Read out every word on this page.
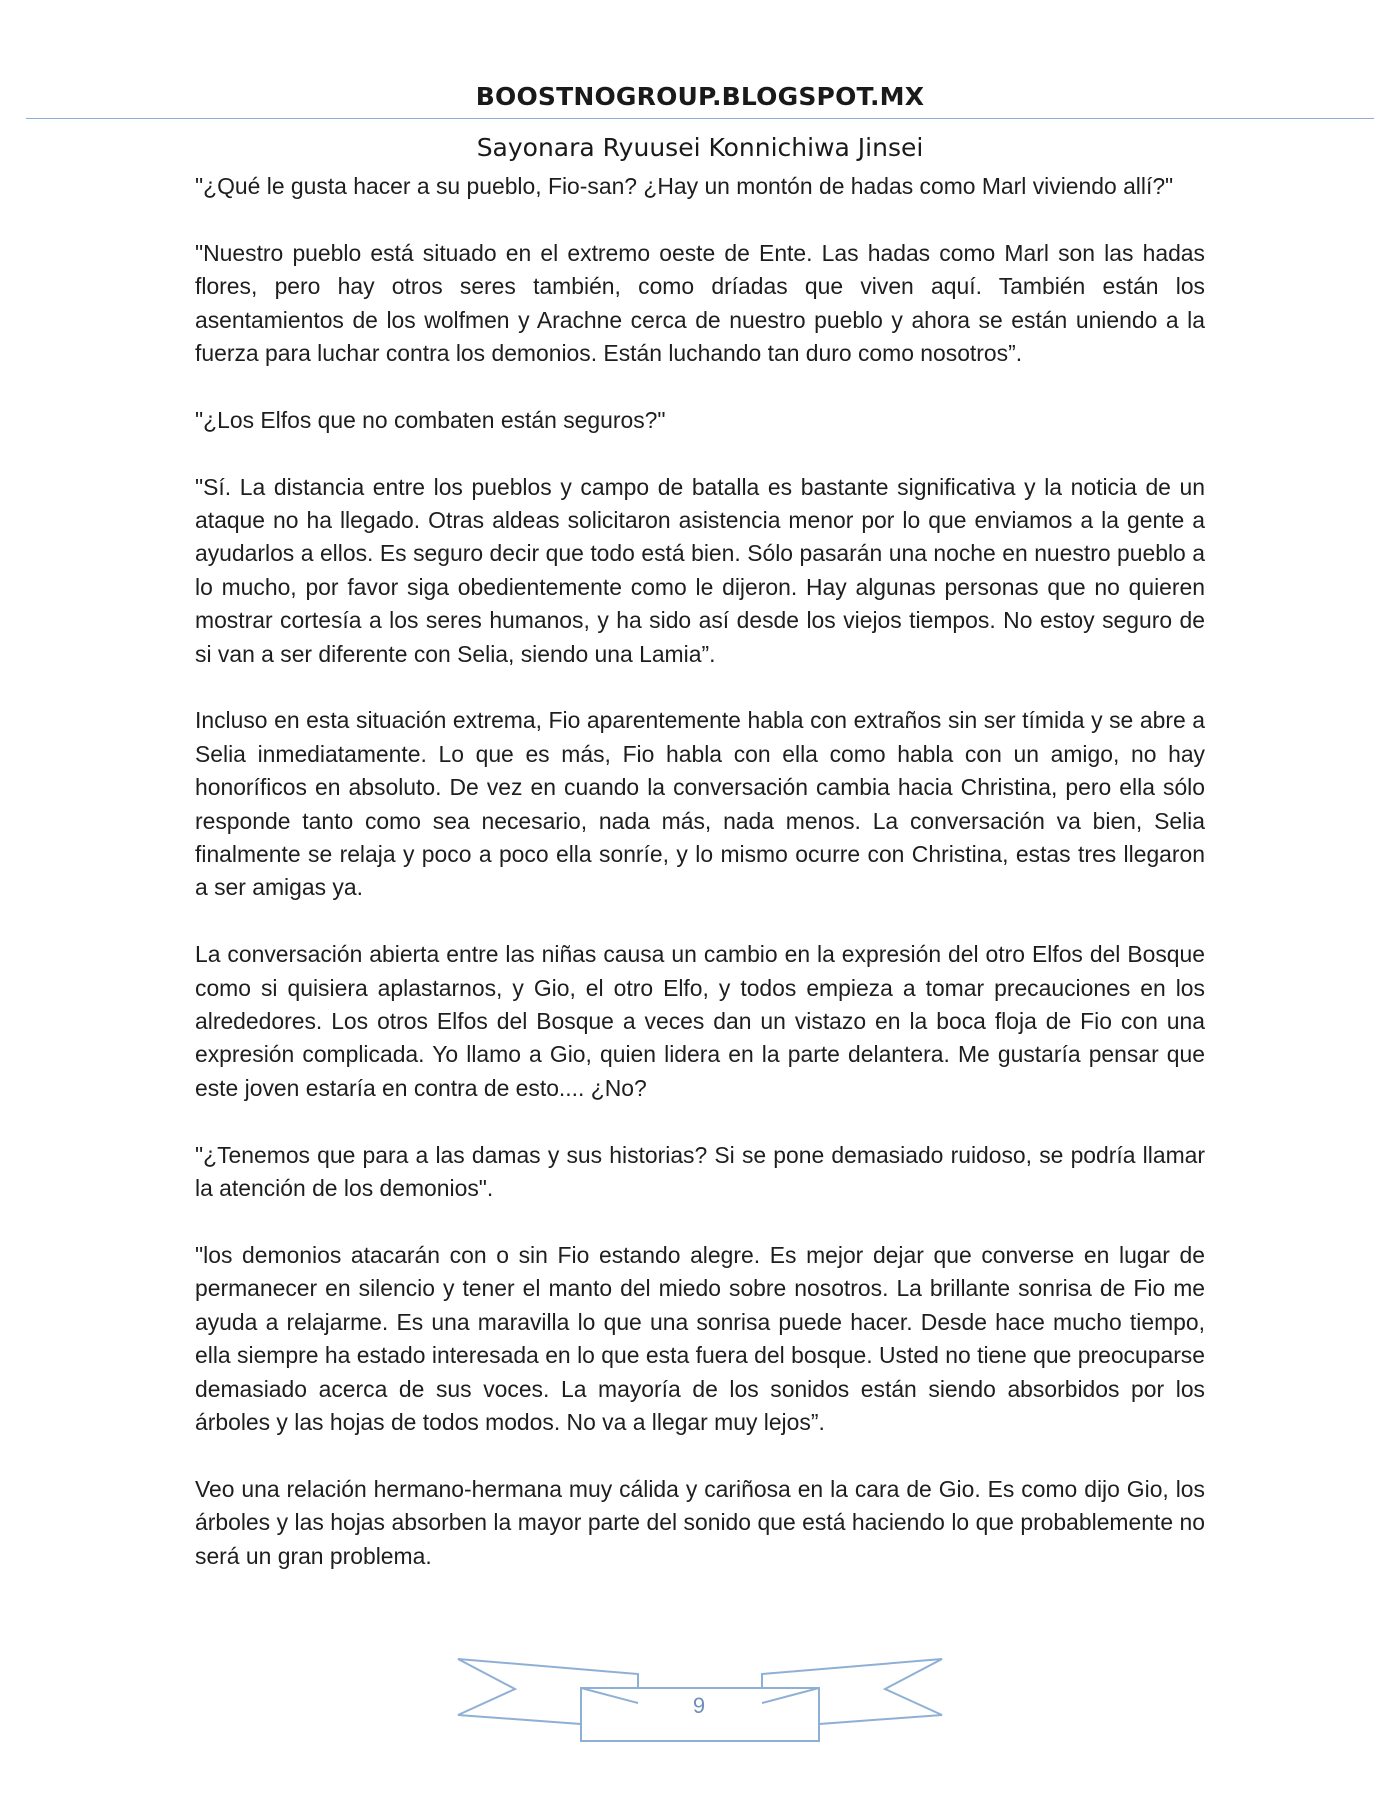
BOOSTNOGROUP.BLOGSPOT.MX
Sayonara Ryuusei Konnichiwa Jinsei

"¿Qué le gusta hacer a su pueblo, Fio-san? ¿Hay un montón de hadas como Marl viviendo allí?"

"Nuestro pueblo está situado en el extremo oeste de Ente. Las hadas como Marl son las hadas flores, pero hay otros seres también, como dríadas que viven aquí. También están los asentamientos de los wolfmen y Arachne cerca de nuestro pueblo y ahora se están uniendo a la fuerza para luchar contra los demonios. Están luchando tan duro como nosotros”.

"¿Los Elfos que no combaten están seguros?"

"Sí. La distancia entre los pueblos y campo de batalla es bastante significativa y la noticia de un ataque no ha llegado. Otras aldeas solicitaron asistencia menor por lo que enviamos a la gente a ayudarlos a ellos. Es seguro decir que todo está bien. Sólo pasarán una noche en nuestro pueblo a lo mucho, por favor siga obedientemente como le dijeron. Hay algunas personas que no quieren mostrar cortesía a los seres humanos, y ha sido así desde los viejos tiempos. No estoy seguro de si van a ser diferente con Selia, siendo una Lamia”.

Incluso en esta situación extrema, Fio aparentemente habla con extraños sin ser tímida y se abre a Selia inmediatamente. Lo que es más, Fio habla con ella como habla con un amigo, no hay honoríficos en absoluto. De vez en cuando la conversación cambia hacia Christina, pero ella sólo responde tanto como sea necesario, nada más, nada menos. La conversación va bien, Selia finalmente se relaja y poco a poco ella sonríe, y lo mismo ocurre con Christina, estas tres llegaron a ser amigas ya.

La conversación abierta entre las niñas causa un cambio en la expresión del otro Elfos del Bosque como si quisiera aplastarnos, y Gio, el otro Elfo, y todos empieza a tomar precauciones en los alrededores. Los otros Elfos del Bosque a veces dan un vistazo en la boca floja de Fio con una expresión complicada. Yo llamo a Gio, quien lidera en la parte delantera. Me gustaría pensar que este joven estaría en contra de esto.... ¿No?

"¿Tenemos que para a las damas y sus historias? Si se pone demasiado ruidoso, se podría llamar la atención de los demonios".

"los demonios atacarán con o sin Fio estando alegre. Es mejor dejar que converse en lugar de permanecer en silencio y tener el manto del miedo sobre nosotros. La brillante sonrisa de Fio me ayuda a relajarme. Es una maravilla lo que una sonrisa puede hacer. Desde hace mucho tiempo, ella siempre ha estado interesada en lo que esta fuera del bosque. Usted no tiene que preocuparse demasiado acerca de sus voces. La mayoría de los sonidos están siendo absorbidos por los árboles y las hojas de todos modos. No va a llegar muy lejos”.

Veo una relación hermano-hermana muy cálida y cariñosa en la cara de Gio. Es como dijo Gio, los árboles y las hojas absorben la mayor parte del sonido que está haciendo lo que probablemente no será un gran problema.

9
